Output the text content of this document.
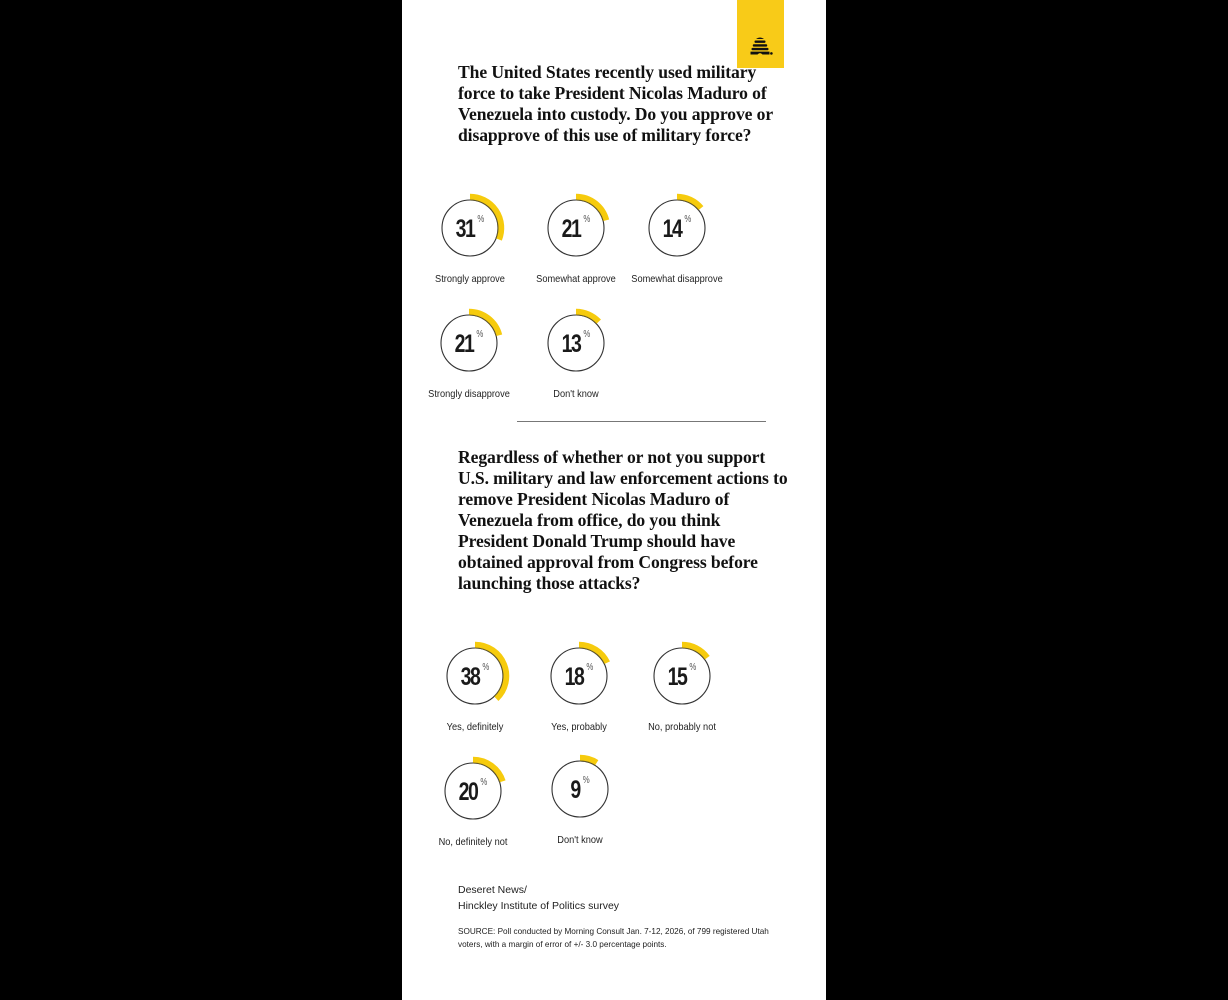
The United States recently used military force to take President Nicolas Maduro of Venezuela into custody. Do you approve or disapprove of this use of military force?
31 %
Strongly approve
21 %
Somewhat approve
14 %
Somewhat disapprove
21 %
Strongly disapprove
13 %
Don't know
Regardless of whether or not you support U.S. military and law enforcement actions to remove President Nicolas Maduro of Venezuela from office, do you think President Donald Trump should have obtained approval from Congress before launching those attacks?
38 %
Yes, definitely
18 %
Yes, probably
15 %
No, probably not
20 %
No, definitely not
9 %
Don't know
Deseret News/
Hinckley Institute of Politics survey
SOURCE: Poll conducted by Morning Consult Jan. 7-12, 2026, of 799 registered Utah voters, with a margin of error of +/- 3.0 percentage points.
